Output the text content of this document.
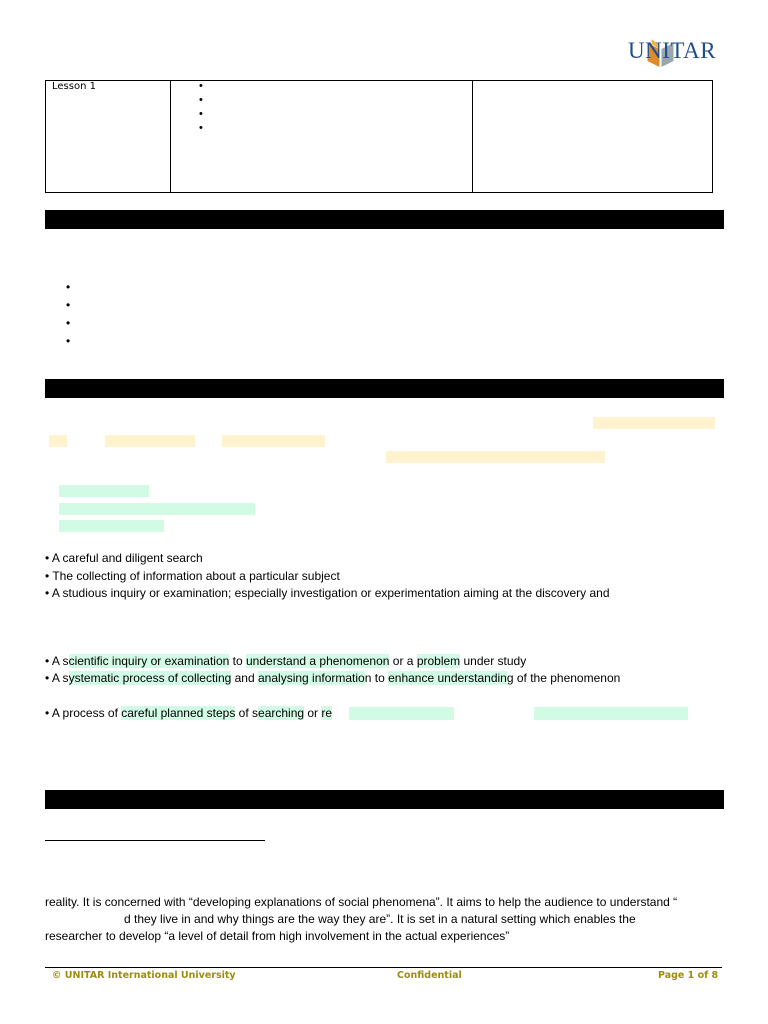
UNITAR
Lesson 1	•
•
•
•
•
•
•
•
• A careful and diligent search
• The collecting of information about a particular subject
• A studious inquiry or examination; especially investigation or experimentation aiming at the discovery and
• A scientific inquiry or examination to understand a phenomenon or a problem under study
• A systematic process of collecting and analysing information to enhance understanding of the phenomenon
• A process of careful planned steps of searching or re
reality. It is concerned with “developing explanations of social phenomena”. It aims to help the audience to understand “
d they live in and why things are the way they are”. It is set in a natural setting which enables the
researcher to develop “a level of detail from high involvement in the actual experiences”
© UNITAR International University	Confidential	Page 1 of 8
